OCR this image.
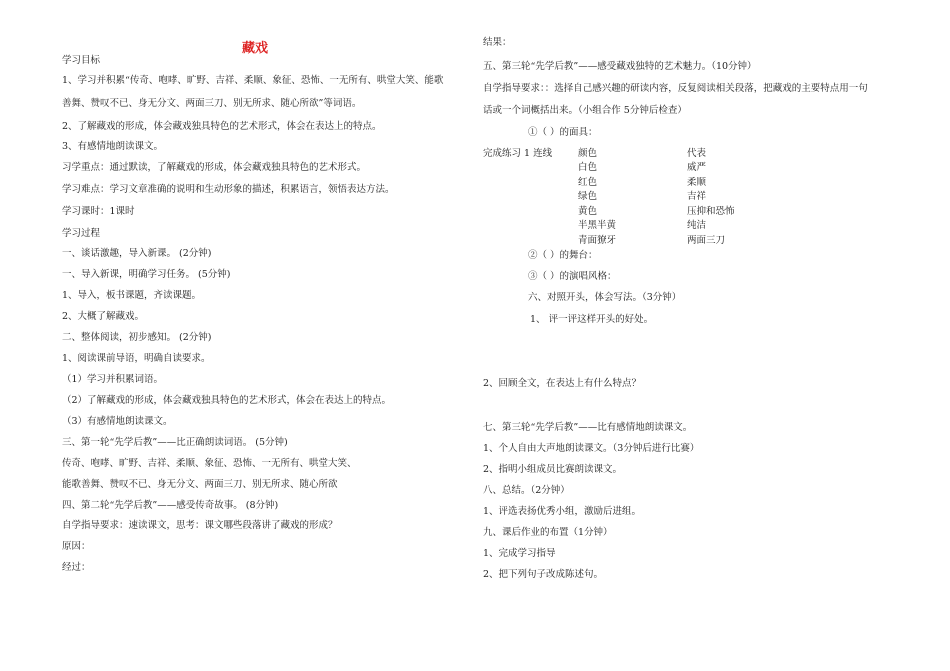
藏戏
学习目标
1、学习并积累“传奇、咆哮、旷野、吉祥、柔顺、象征、恐怖、一无所有、哄堂大笑、能歌
善舞、赞叹不已、身无分文、两面三刀、别无所求、随心所欲”等词语。
2、了解藏戏的形成，体会藏戏独具特色的艺术形式，体会在表达上的特点。
3、有感情地朗读课文。
习学重点：通过默读，了解藏戏的形成，体会藏戏独具特色的艺术形式。
学习难点：学习文章准确的说明和生动形象的描述，积累语言，领悟表达方法。
学习课时：1课时
学习过程
一、谈话激趣，导入新课。 (2分钟)
一、导入新课，明确学习任务。 (5分钟)
1、导入，板书课题，齐读课题。
2、大概了解藏戏。
二、整体阅读，初步感知。 (2分钟)
1、阅读课前导语，明确自读要求。
（1）学习并积累词语。
（2）了解藏戏的形成，体会藏戏独具特色的艺术形式，体会在表达上的特点。
（3）有感情地朗读课文。
三、第一轮“先学后教”——比正确朗读词语。 (5分钟)
传奇、咆哮、旷野、吉祥、柔顺、象征、恐怖、一无所有、哄堂大笑、
能歌善舞、赞叹不已、身无分文、两面三刀、别无所求、随心所欲
四、第二轮“先学后教”——感受传奇故事。 (8分钟)
自学指导要求：速读课文，思考：课文哪些段落讲了藏戏的形成？
原因：
经过：
结果：
五、第三轮“先学后教”——感受藏戏独特的艺术魅力。（10分钟）
自学指导要求：：选择自己感兴趣的研读内容，反复阅读相关段落，把藏戏的主要特点用一句
话或一个词概括出来。（小组合作 5分钟后检查）
①（ ）的面具：
完成练习 1 连线	颜色
白色
红色
绿色
黄色
半黑半黄
青面獠牙
代表
威严
柔顺
吉祥
压抑和恐怖
纯洁
两面三刀
②（ ）的舞台：
③（ ）的演唱风格：
六、对照开头，体会写法。（3分钟）
1、 评一评这样开头的好处。
2、回顾全文，在表达上有什么特点？
七、第三轮“先学后教”——比有感情地朗读课文。
1、个人自由大声地朗读课文。（3分钟后进行比赛）
2、指明小组成员比赛朗读课文。
八、总结。（2分钟）
1、评选表扬优秀小组，激励后进组。
九、课后作业的布置（1分钟）
1、完成学习指导
2、把下列句子改成陈述句。
